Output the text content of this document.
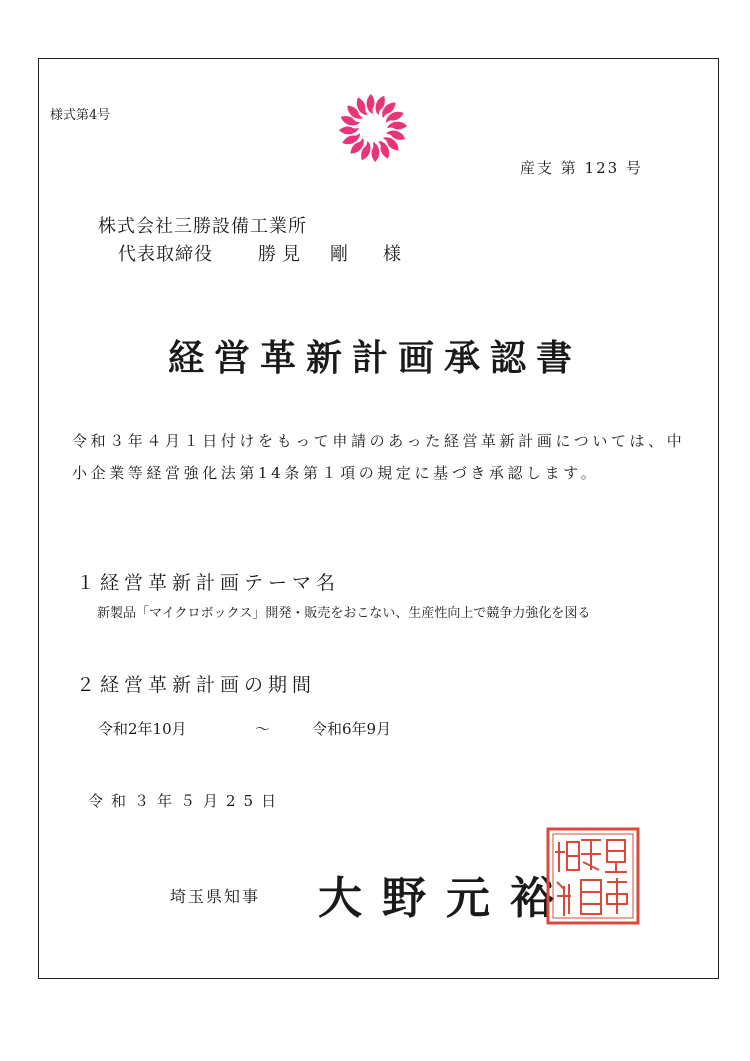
様式第4号
産支 第 123 号
株式会社三勝設備工業所
代表取締役	勝見　剛 様
経営革新計画承認書
令和３年４月１日付けをもって申請のあった経営革新計画については、中小企業等経営強化法第14条第１項の規定に基づき承認します。
１経営革新計画テーマ名
新製品「マイクロボックス」開発・販売をおこない、生産性向上で競争力強化を図る
２経営革新計画の期間
令和2年10月	～	令和6年9月
令和３年５月25日
埼玉県知事 大野元裕
